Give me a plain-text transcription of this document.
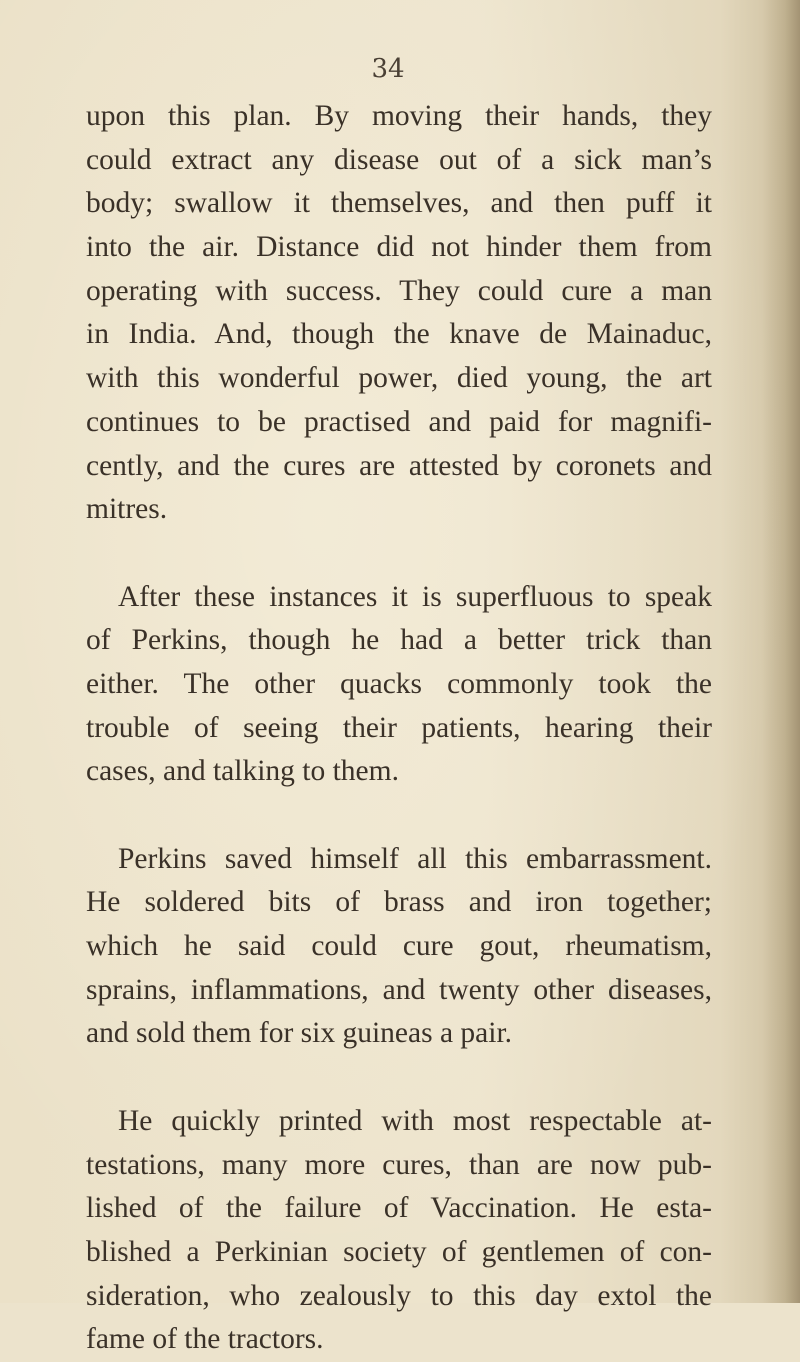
34
upon this plan. By moving their hands, they
could extract any disease out of a sick man’s
body; swallow it themselves, and then puff it
into the air. Distance did not hinder them from
operating with success. They could cure a man
in India. And, though the knave de Mainaduc,
with this wonderful power, died young, the art
continues to be practised and paid for magnifi-
cently, and the cures are attested by coronets and
mitres.
After these instances it is superfluous to speak
of Perkins, though he had a better trick than
either. The other quacks commonly took the
trouble of seeing their patients, hearing their
cases, and talking to them.
Perkins saved himself all this embarrassment.
He soldered bits of brass and iron together;
which he said could cure gout, rheumatism,
sprains, inflammations, and twenty other diseases,
and sold them for six guineas a pair.
He quickly printed with most respectable at-
testations, many more cures, than are now pub-
lished of the failure of Vaccination. He esta-
blished a Perkinian society of gentlemen of con-
sideration, who zealously to this day extol the
fame of the tractors.
